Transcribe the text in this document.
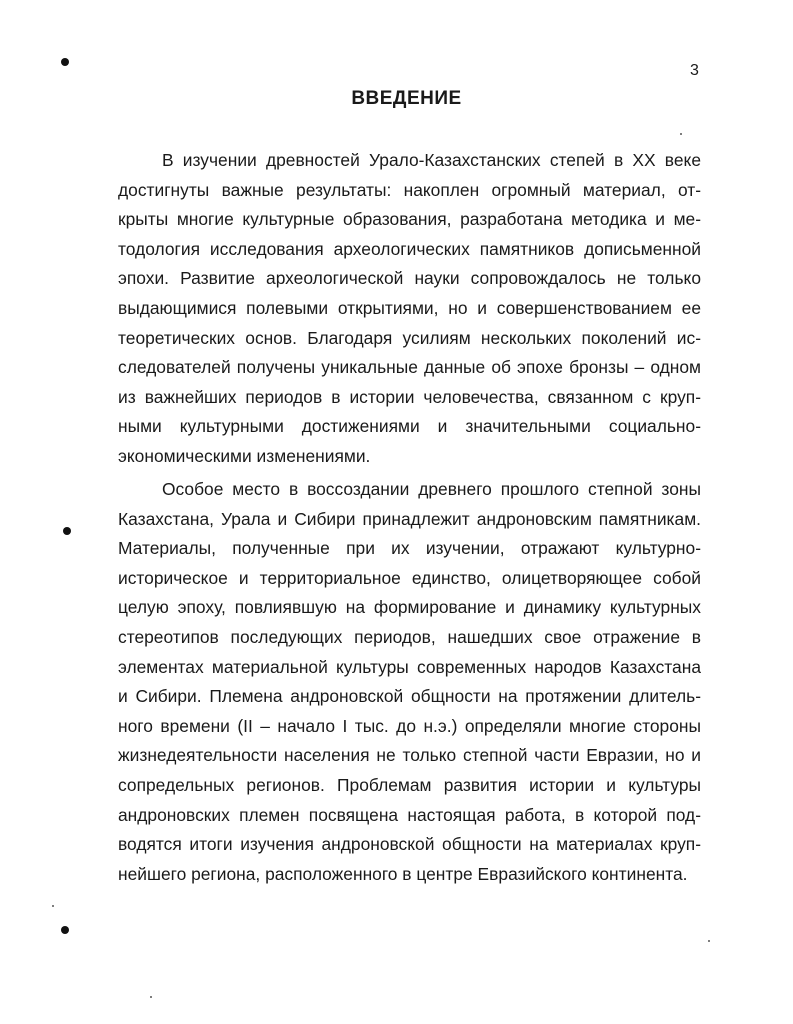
3
ВВЕДЕНИЕ
В изучении древностей Урало-Казахстанских степей в XX веке
достигнуты важные результаты: накоплен огромный материал, от-
крыты многие культурные образования, разработана методика и ме-
тодология исследования археологических памятников дописьменной
эпохи. Развитие археологической науки сопровождалось не только
выдающимися полевыми открытиями, но и совершенствованием ее
теоретических основ. Благодаря усилиям нескольких поколений ис-
следователей получены уникальные данные об эпохе бронзы – одном
из важнейших периодов в истории человечества, связанном с круп-
ными культурными достижениями и значительными социально-
экономическими изменениями.
Особое место в воссоздании древнего прошлого степной зоны
Казахстана, Урала и Сибири принадлежит андроновским памятникам.
Материалы, полученные при их изучении, отражают культурно-
историческое и территориальное единство, олицетворяющее собой
целую эпоху, повлиявшую на формирование и динамику культурных
стереотипов последующих периодов, нашедших свое отражение в
элементах материальной культуры современных народов Казахстана
и Сибири. Племена андроновской общности на протяжении длитель-
ного времени (II – начало I тыс. до н.э.) определяли многие стороны
жизнедеятельности населения не только степной части Евразии, но и
сопредельных регионов. Проблемам развития истории и культуры
андроновских племен посвящена настоящая работа, в которой под-
водятся итоги изучения андроновской общности на материалах круп-
нейшего региона, расположенного в центре Евразийского континента.
